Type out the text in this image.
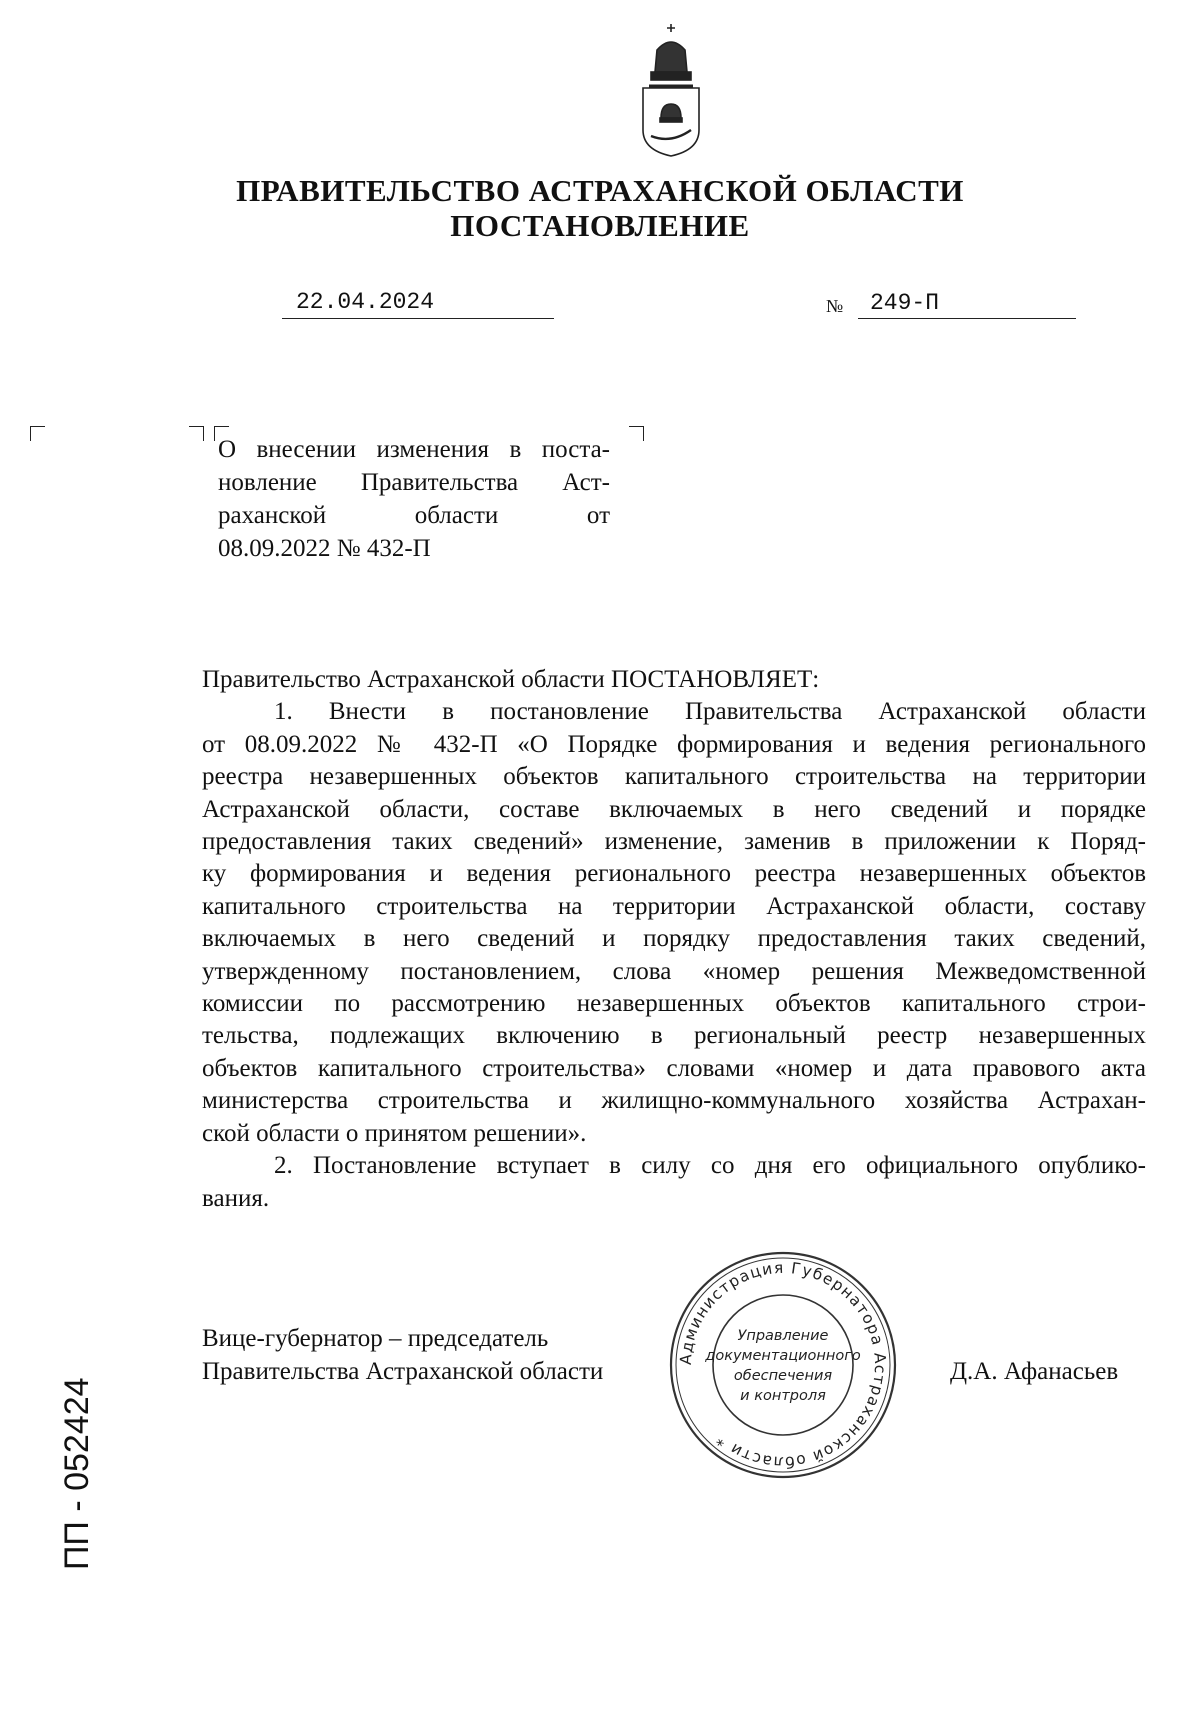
ПРАВИТЕЛЬСТВО АСТРАХАНСКОЙ ОБЛАСТИ
ПОСТАНОВЛЕНИЕ
22.04.2024	№ 249-П
О внесении изменения в поста-
новление Правительства Аст-
раханской области от
08.09.2022 № 432-П

Правительство Астраханской области ПОСТАНОВЛЯЕТ:

1. Внести в постановление Правительства Астраханской области
от 08.09.2022 № 432-П «О Порядке формирования и ведения регионального
реестра незавершенных объектов капитального строительства на территории
Астраханской области, составе включаемых в него сведений и порядке
предоставления таких сведений» изменение, заменив в приложении к Поряд-
ку формирования и ведения регионального реестра незавершенных объектов
капитального строительства на территории Астраханской области, составу
включаемых в него сведений и порядку предоставления таких сведений,
утвержденному постановлением, слова «номер решения Межведомственной
комиссии по рассмотрению незавершенных объектов капитального строи-
тельства, подлежащих включению в региональный реестр незавершенных
объектов капитального строительства» словами «номер и дата правового акта
министерства строительства и жилищно-коммунального хозяйства Астрахан-
ской области о принятом решении».
2. Постановление вступает в силу со дня его официального опублико-
вания.
Вице-губернатор – председатель
Правительства Астраханской области	Д.А. Афанасьев
Администрация Губернатора Астраханской области *
Управление
документационного
обеспечения
и контроля
ПП - 052424
